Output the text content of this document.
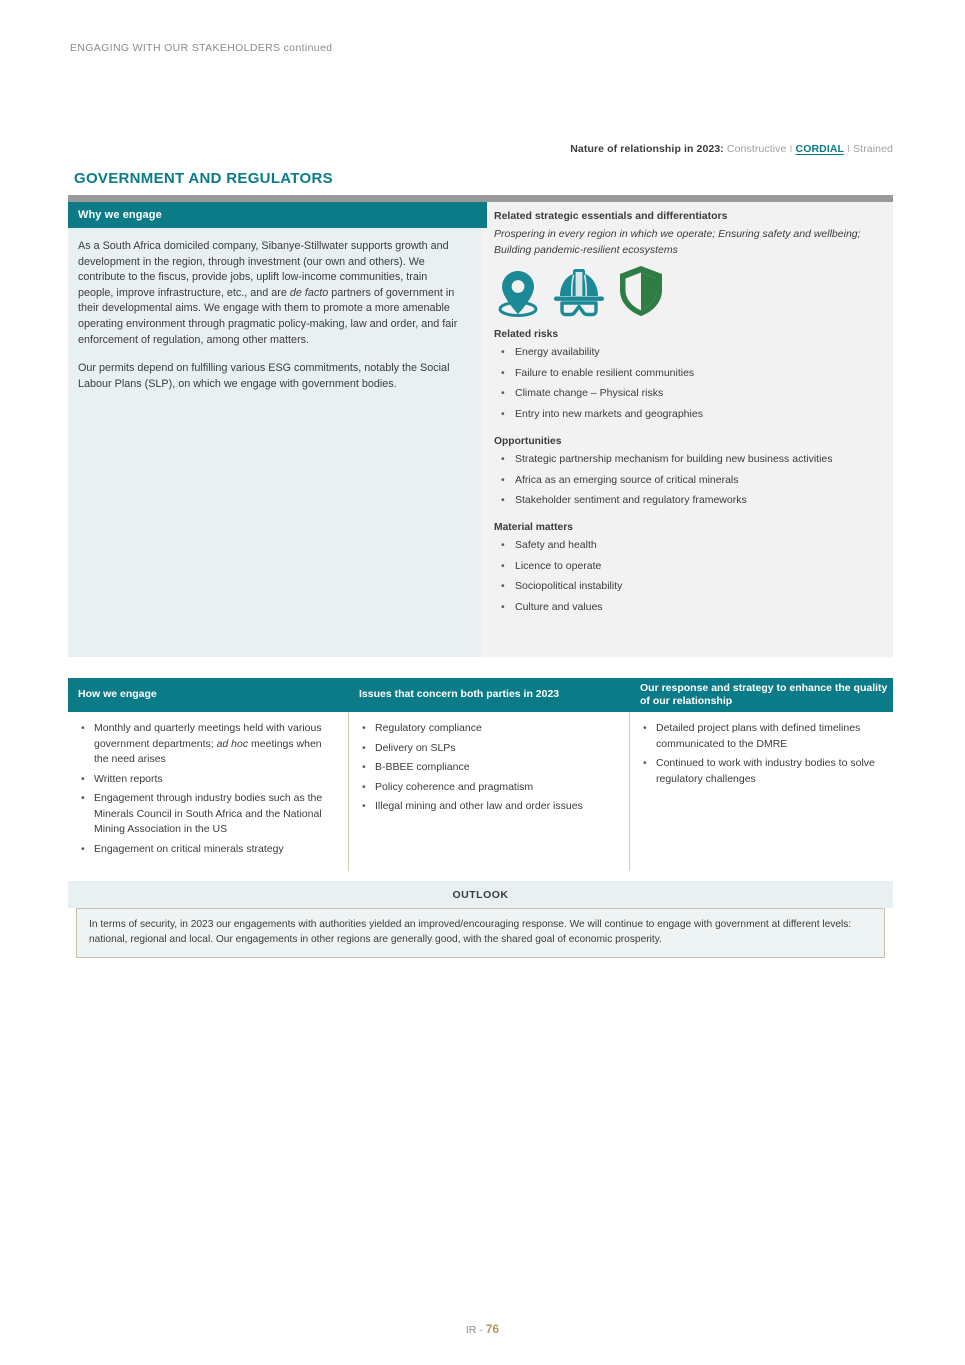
ENGAGING WITH OUR STAKEHOLDERS continued
Nature of relationship in 2023: Constructive I CORDIAL I Strained
GOVERNMENT AND REGULATORS
Why we engage

As a South Africa domiciled company, Sibanye-Stillwater supports growth and development in the region, through investment (our own and others). We contribute to the fiscus, provide jobs, uplift low-income communities, train people, improve infrastructure, etc., and are de facto partners of government in their developmental aims. We engage with them to promote a more amenable operating environment through pragmatic policy-making, law and order, and fair enforcement of regulation, among other matters.

Our permits depend on fulfilling various ESG commitments, notably the Social Labour Plans (SLP), on which we engage with government bodies.

Related strategic essentials and differentiators
Prospering in every region in which we operate; Ensuring safety and wellbeing; Building pandemic-resilient ecosystems
Related risks
• Energy availability
• Failure to enable resilient communities
• Climate change – Physical risks
• Entry into new markets and geographies
Opportunities
• Strategic partnership mechanism for building new business activities
• Africa as an emerging source of critical minerals
• Stakeholder sentiment and regulatory frameworks
Material matters
• Safety and health
• Licence to operate
• Sociopolitical instability
• Culture and values
How we engage	Issues that concern both parties in 2023
Our response and strategy to enhance the quality of our relationship
• Monthly and quarterly meetings held with various government departments; ad hoc meetings when the need arises
• Written reports
• Engagement through industry bodies such as the Minerals Council in South Africa and the National Mining Association in the US
• Engagement on critical minerals strategy
• Regulatory compliance
• Delivery on SLPs
• B-BBEE compliance
• Policy coherence and pragmatism
• Illegal mining and other law and order issues
• Detailed project plans with defined timelines communicated to the DMRE
• Continued to work with industry bodies to solve regulatory challenges
OUTLOOK
In terms of security, in 2023 our engagements with authorities yielded an improved/encouraging response. We will continue to engage with government at different levels: national, regional and local. Our engagements in other regions are generally good, with the shared goal of economic prosperity.
IR - 76
